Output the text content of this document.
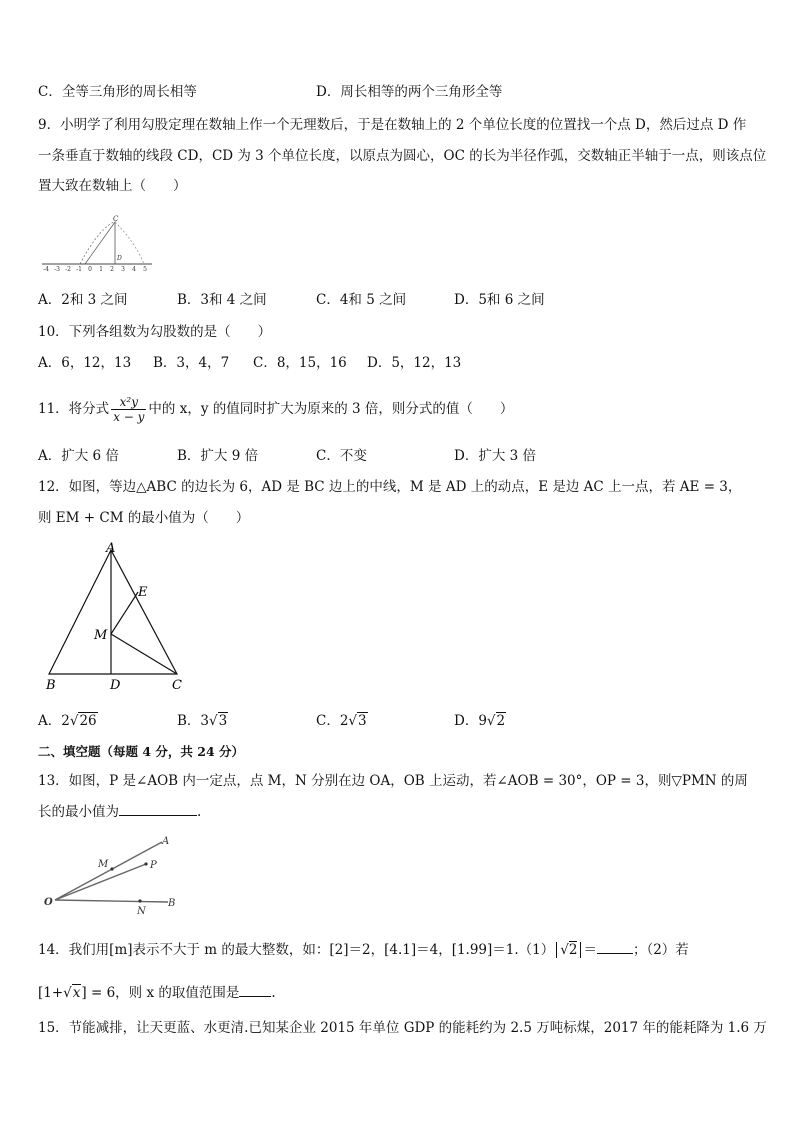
C．全等三角形的周长相等	D．周长相等的两个三角形全等
9．小明学了利用勾股定理在数轴上作一个无理数后，于是在数轴上的 2 个单位长度的位置找一个点 D，然后过点 D 作
一条垂直于数轴的线段 CD，CD 为 3 个单位长度，以原点为圆心，OC 的长为半径作弧，交数轴正半轴于一点，则该点位
置大致在数轴上（　　）
C
D
-4 -3 -2 -1 0 1 2 3 4 5
A．2和 3 之间	B．3和 4 之间	C．4和 5 之间	D．5和 6 之间
10．下列各组数为勾股数的是（　　）
A．6，12，13 B．3，4，7 C．8，15，16 D．5，12，13
11．将分式 $\frac{\text{x²y}}{x - y}$ 中的 x，y 的值同时扩大为原来的 3 倍，则分式的值（　　）
A．扩大 6 倍	B．扩大 9 倍	C．不变	D．扩大 3 倍
12．如图，等边△ABC 的边长为 6，AD 是 BC 边上的中线，M 是 AD 上的动点，E 是边 AC 上一点，若 AE = 3，
则 EM + CM 的最小值为（　　）
A
B	D	C
E
M
A．2√26	B．3√3	C．2√3	D．9√2
二、填空题（每题 4 分，共 24 分）
13．如图，P 是∠AOB 内一定点，点 M，N 分别在边 OA，OB 上运动，若∠AOB = 30°，OP = 3，则▽PMN 的周
长的最小值为	.
O
A
B
M	P
N
14．我们用[m]表示不大于 m 的最大整数，如：[2]＝2，[4.1]＝4，[1.99]＝1.（1） √2 ＝	；（2）若
[1+√x] = 6，则 x 的取值范围是 .
15．节能减排，让天更蓝、水更清.已知某企业 2015 年单位 GDP 的能耗约为 2.5 万吨标煤，2017 年的能耗降为 1.6 万
